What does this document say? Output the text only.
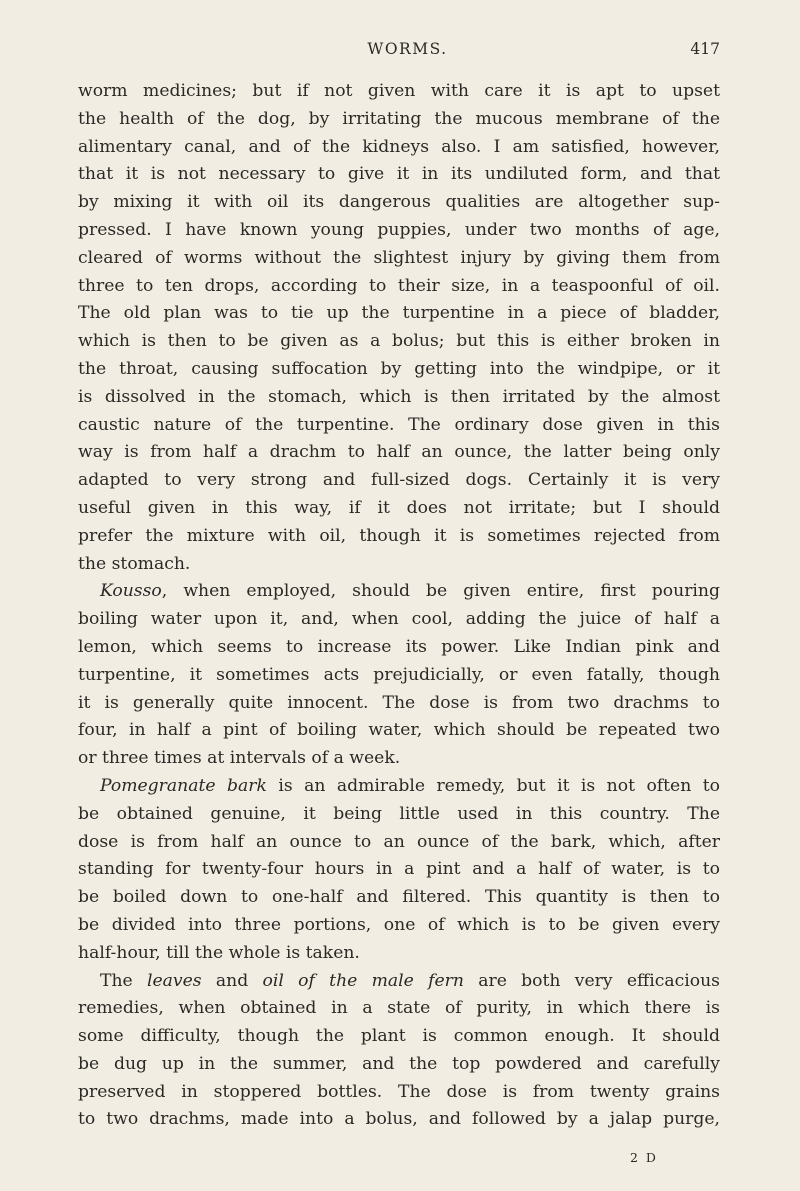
WORMS.	417
worm medicines; but if not given with care it is apt to upset
the health of the dog, by irritating the mucous membrane of the
alimentary canal, and of the kidneys also. I am satisfied, however,
that it is not necessary to give it in its undiluted form, and that
by mixing it with oil its dangerous qualities are altogether sup-
pressed. I have known young puppies, under two months of age,
cleared of worms without the slightest injury by giving them from
three to ten drops, according to their size, in a teaspoonful of oil.
The old plan was to tie up the turpentine in a piece of bladder,
which is then to be given as a bolus; but this is either broken in
the throat, causing suffocation by getting into the windpipe, or it
is dissolved in the stomach, which is then irritated by the almost
caustic nature of the turpentine. The ordinary dose given in this
way is from half a drachm to half an ounce, the latter being only
adapted to very strong and full-sized dogs. Certainly it is very
useful given in this way, if it does not irritate; but I should
prefer the mixture with oil, though it is sometimes rejected from
the stomach.
Kousso, when employed, should be given entire, first pouring
boiling water upon it, and, when cool, adding the juice of half a
lemon, which seems to increase its power. Like Indian pink and
turpentine, it sometimes acts prejudicially, or even fatally, though
it is generally quite innocent. The dose is from two drachms to
four, in half a pint of boiling water, which should be repeated two
or three times at intervals of a week.
Pomegranate bark is an admirable remedy, but it is not often to
be obtained genuine, it being little used in this country. The
dose is from half an ounce to an ounce of the bark, which, after
standing for twenty-four hours in a pint and a half of water, is to
be boiled down to one-half and filtered. This quantity is then to
be divided into three portions, one of which is to be given every
half-hour, till the whole is taken.
The leaves and oil of the male fern are both very efficacious
remedies, when obtained in a state of purity, in which there is
some difficulty, though the plant is common enough. It should
be dug up in the summer, and the top powdered and carefully
preserved in stoppered bottles. The dose is from twenty grains
to two drachms, made into a bolus, and followed by a jalap purge,
2 D
